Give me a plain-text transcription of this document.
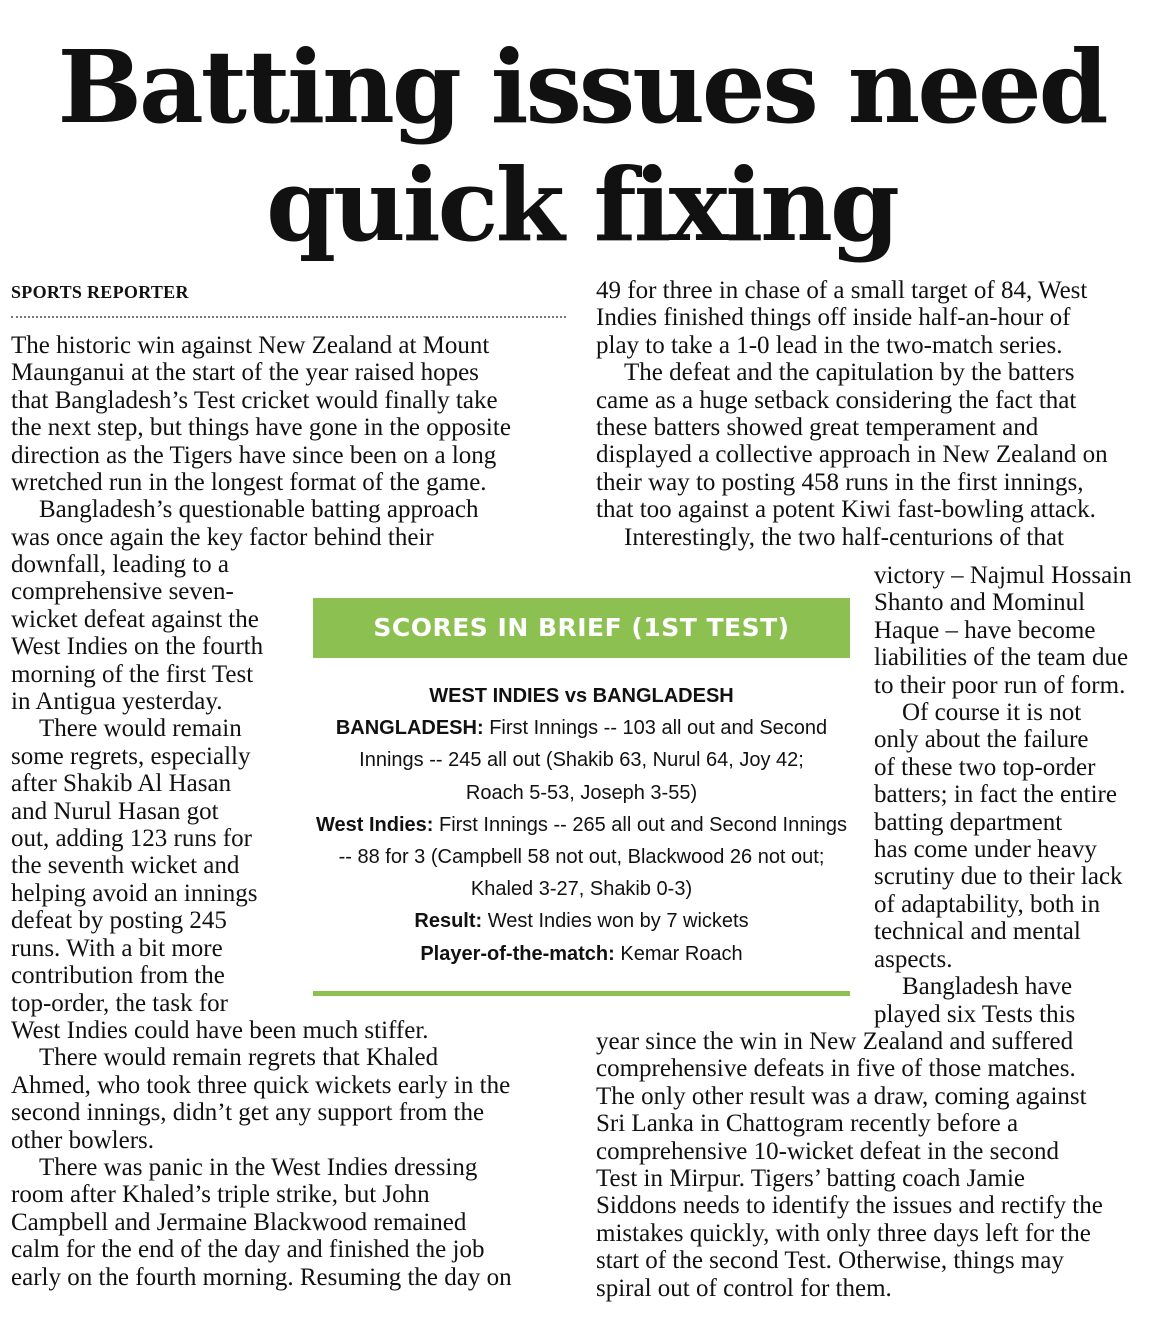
Batting issues need
quick fixing
SPORTS REPORTER

The historic win against New Zealand at Mount
Maunganui at the start of the year raised hopes
that Bangladesh’s Test cricket would finally take
the next step, but things have gone in the opposite
direction as the Tigers have since been on a long
wretched run in the longest format of the game.

Bangladesh’s questionable batting approach
was once again the key factor behind their

downfall, leading to a
comprehensive seven-
wicket defeat against the
West Indies on the fourth
morning of the first Test
in Antigua yesterday.

There would remain
some regrets, especially
after Shakib Al Hasan
and Nurul Hasan got
out, adding 123 runs for
the seventh wicket and
helping avoid an innings
defeat by posting 245
runs. With a bit more
contribution from the
top-order, the task for

West Indies could have been much stiffer.

There would remain regrets that Khaled
Ahmed, who took three quick wickets early in the
second innings, didn’t get any support from the
other bowlers.

There was panic in the West Indies dressing
room after Khaled’s triple strike, but John
Campbell and Jermaine Blackwood remained
calm for the end of the day and finished the job
early on the fourth morning. Resuming the day on

49 for three in chase of a small target of 84, West
Indies finished things off inside half-an-hour of
play to take a 1-0 lead in the two-match series.

The defeat and the capitulation by the batters
came as a huge setback considering the fact that
these batters showed great temperament and
displayed a collective approach in New Zealand on
their way to posting 458 runs in the first innings,
that too against a potent Kiwi fast-bowling attack.

Interestingly, the two half-centurions of that

victory – Najmul Hossain
Shanto and Mominul
Haque – have become
liabilities of the team due
to their poor run of form.

Of course it is not
only about the failure
of these two top-order
batters; in fact the entire
batting department
has come under heavy
scrutiny due to their lack
of adaptability, both in
technical and mental
aspects.

Bangladesh have
played six Tests this

year since the win in New Zealand and suffered
comprehensive defeats in five of those matches.
The only other result was a draw, coming against
Sri Lanka in Chattogram recently before a
comprehensive 10-wicket defeat in the second
Test in Mirpur. Tigers’ batting coach Jamie
Siddons needs to identify the issues and rectify the
mistakes quickly, with only three days left for the
start of the second Test. Otherwise, things may
spiral out of control for them.

SCORES IN BRIEF (1ST TEST)

WEST INDIES vs BANGLADESH

BANGLADESH: First Innings -- 103 all out and Second Innings -- 245 all out (Shakib 63, Nurul 64, Joy 42; Roach 5-53, Joseph 3-55)

West Indies: First Innings -- 265 all out and Second Innings -- 88 for 3 (Campbell 58 not out, Blackwood 26 not out; Khaled 3-27, Shakib 0-3)

Result: West Indies won by 7 wickets

Player-of-the-match: Kemar Roach
